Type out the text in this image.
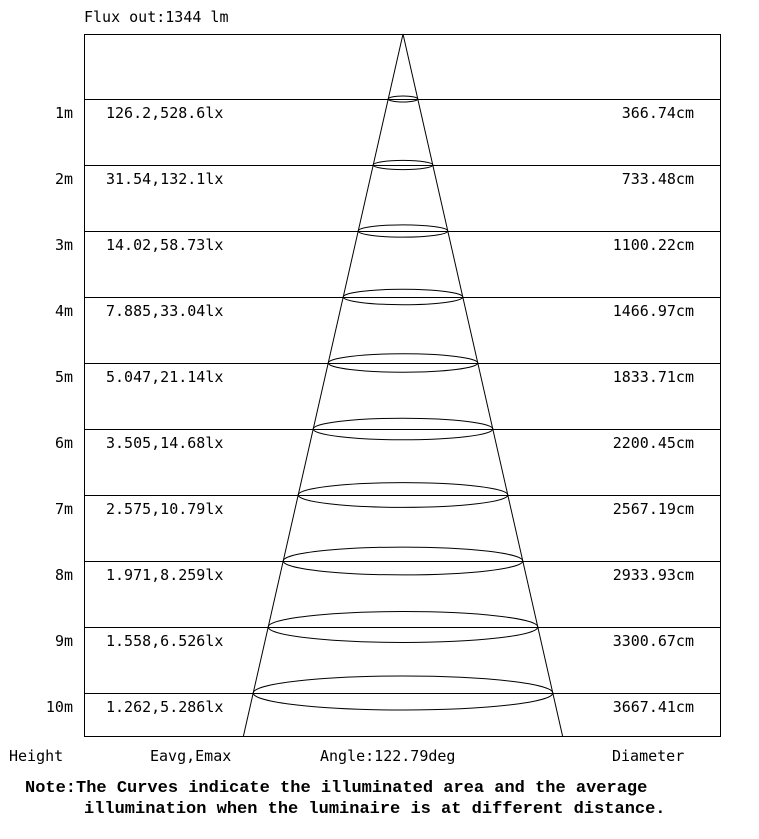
Flux out:1344 lm
1m 126.2,528.6lx	366.74cm
2m 31.54,132.1lx	733.48cm
3m 14.02,58.73lx	1100.22cm
4m 7.885,33.04lx	1466.97cm
5m 5.047,21.14lx	1833.71cm
6m 3.505,14.68lx	2200.45cm
7m 2.575,10.79lx	2567.19cm
8m 1.971,8.259lx	2933.93cm
9m 1.558,6.526lx	3300.67cm
10m 1.262,5.286lx	3667.41cm
Height	Eavg,Emax	Angle:122.79deg	Diameter
Note:The Curves indicate the illuminated area and the average
illumination when the luminaire is at different distance.
